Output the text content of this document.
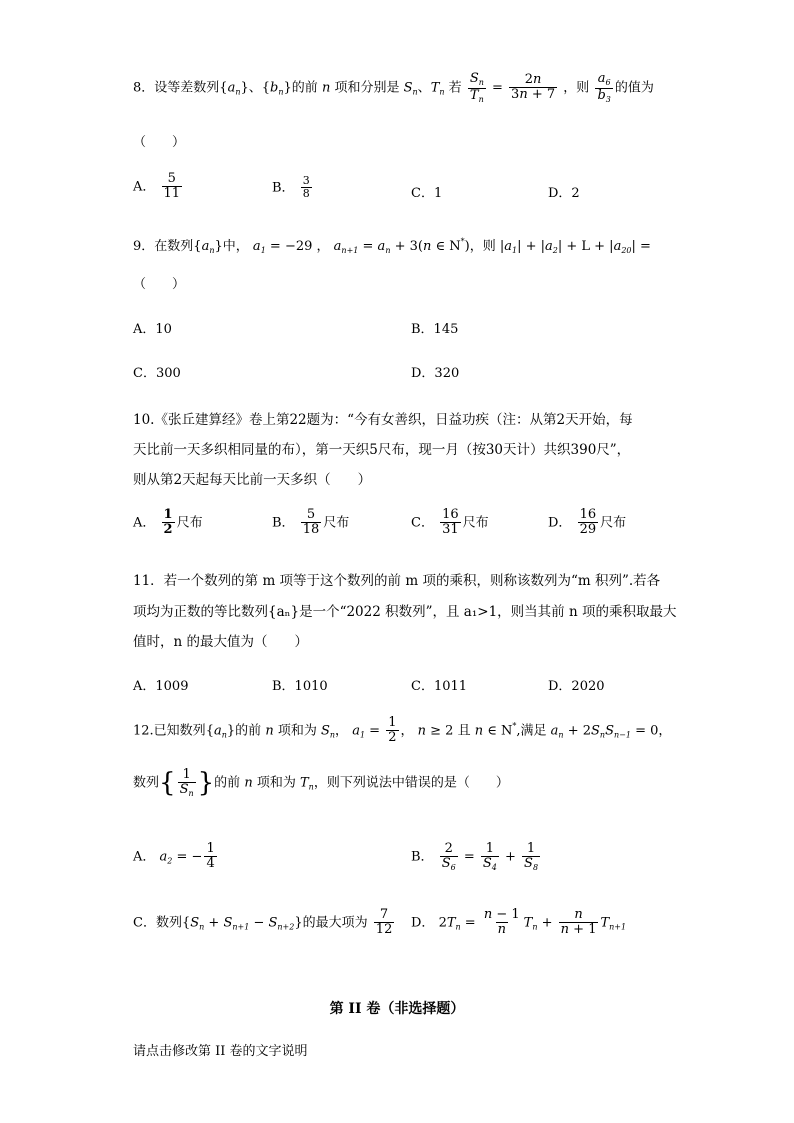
8．设等差数列$\{a_n\}$、$\{b_n\}$的前 n 项和分别是 $S_n$、$T_n$ 若 $\frac{S_n}{T_n} = \frac{2n}{3n + 7}$ ，则 $\frac{a_6}{b_3}$ 的值为
（　　）
A． $\frac{5}{11}$	B． $\frac{3}{8}$	C．1	D．2
9．在数列$\{a_n\}$中， $a_1 = -29$ ， $a_{n+1} = a_n + 3(n$ ∈ N*)，则 $|a_1| + |a_2| + L + |a_{20}|$ =
（　　）
A．10	B．145
C．300	D．320
10.《张丘建算经》卷上第22题为：“今有女善织，日益功疾（注：从第2天开始，每
天比前一天多织相同量的布），第一天织5尺布，现一月（按30天计）共织390尺”，
则从第2天起每天比前一天多织（　　）
A． $\frac{1}{2}$ 尺布	B． $\frac{5}{18}$ 尺布	C． $\frac{16}{31}$ 尺布	D． $\frac{16}{29}$ 尺布
11．若一个数列的第 m 项等于这个数列的前 m 项的乘积，则称该数列为“m 积列”.若各
项均为正数的等比数列{aₙ}是一个“2022 积数列”，且 a₁>1，则当其前 n 项的乘积取最大
值时，n 的最大值为（　　）
A．1009	B．1010	C．1011	D．2020
12.已知数列$\{a_n\}$的前 n 项和为 $S_n$， $a_1 = \frac{1}{2}$ ， n ≥ 2 且 n ∈ N*,满足 $a_n + 2S_nS_{n-1} = 0$，
数列{ $\frac{1}{S_n}$ }的前 n 项和为 $T_n$，则下列说法中错误的是（　　）
A． $a_2$ = − $\frac{1}{4}$	B． $\frac{2}{S_6} = \frac{1}{S_4} + \frac{1}{S_8}$
C．数列$\{S_n + S_{n+1} - S_{n+2}\}$的最大项为 $\frac{7}{12}$ D． $2T_n = \frac{n - 1}{n} T_n + \frac{n}{n + 1} T_{n+1}$
第 II 卷（非选择题）
请点击修改第 II 卷的文字说明
